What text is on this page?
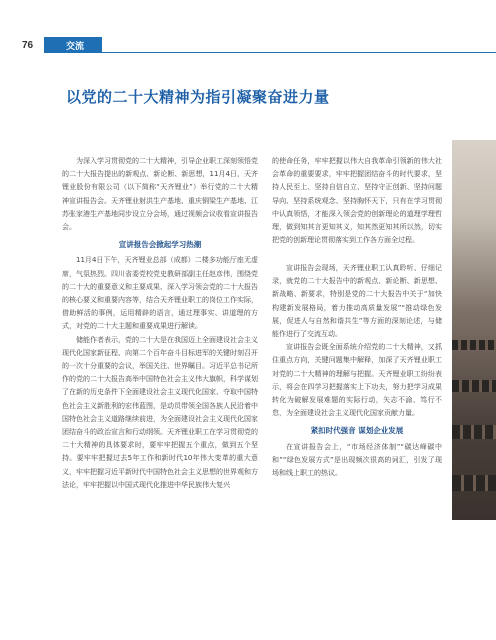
76	交流
以党的二十大精神为指引凝聚奋进力量

为深入学习贯彻党的二十大精神，引导企业职工深刻领悟党的二十大报告提出的新观点、新论断、新思想，11月4日，天齐锂业股份有限公司（以下简称“天齐锂业”）举行党的二十大精神宣讲报告会。天齐锂业射洪生产基地、重庆铜梁生产基地、江苏张家港生产基地同步设立分会场，通过视频会议收看宣讲报告会。

宣讲报告会掀起学习热潮

11月4日下午，天齐锂业总部（成都）二楼多功能厅座无虚席，气氛热烈。四川省委党校党史教研部副主任赵彦伟，围绕党的二十大的重要意义和主要成果、深入学习领会党的二十大报告的核心要义和重要内容等，结合天齐锂业职工的岗位工作实际，借助鲜活的事例，运用精辟的语言，通过理事实、讲道理的方式，对党的二十大主题和重要成果进行解读。

储能作者表示，党的二十大是在我国迈上全面建设社会主义现代化国家新征程、向第二个百年奋斗目标进军的关键时刻召开的一次十分重要的会议，举国关注、世界瞩目。习近平总书记所作的党的二十大报告高举中国特色社会主义伟大旗帜，科学谋划了在新的历史条件下全面建设社会主义现代化国家、夺取中国特色社会主义新胜利的宏伟蓝图，是动员带领全国各族人民沿着中国特色社会主义道路继续前进，为全面建设社会主义现代化国家团结奋斗的政治宣言和行动纲领。天齐锂业职工在学习贯彻党的二十大精神的具体要求时，要牢牢把握五个重点，做到五个坚持。要牢牢把握过去5年工作和新时代10年伟大变革的重大意义，牢牢把握习近平新时代中国特色社会主义思想的世界观和方法论，牢牢把握以中国式现代化推进中华民族伟大复兴

的使命任务，牢牢把握以伟大自我革命引领新的伟大社会革命的重要要求，牢牢把握团结奋斗的时代要求，坚持人民至上、坚持自信自立、坚持守正创新、坚持问题导向、坚持系统观念、坚持胸怀天下，只有在学习贯彻中认真领悟，才能深入领会党的创新理论的道理学理哲理，做到知其言更知其义，知其然更知其所以然，切实把党的创新理论贯彻落实到工作各方面全过程。

宣讲报告会现场，天齐锂业职工认真聆听、仔细记录，就党的二十大报告中的新观点、新论断、新思想、新战略、新要求，特别是党的二十大报告中关于“加快构建新发展格局，着力推动高质量发展”“推动绿色发展，促进人与自然和谐共生”等方面的深刻论述，与储能作进行了交流互动。

宣讲报告会既全面系统介绍党的二十大精神，又抓住重点方向，关键问题集中解释，加深了天齐锂业职工对党的二十大精神的理解与把握。天齐锂业职工纷纷表示，将会在四学习把握落实上下功夫，努力把学习成果转化为破解发展难题的实际行动，矢志不渝、笃行不怠，为全面建设社会主义现代化国家贡献力量。

紧扣时代强音 谋划企业发展

在宣讲报告会上，“市场经济体制”“碳达峰碳中和”“绿色发展方式”是出现频次很高的词汇，引发了现场和线上职工的热议。
